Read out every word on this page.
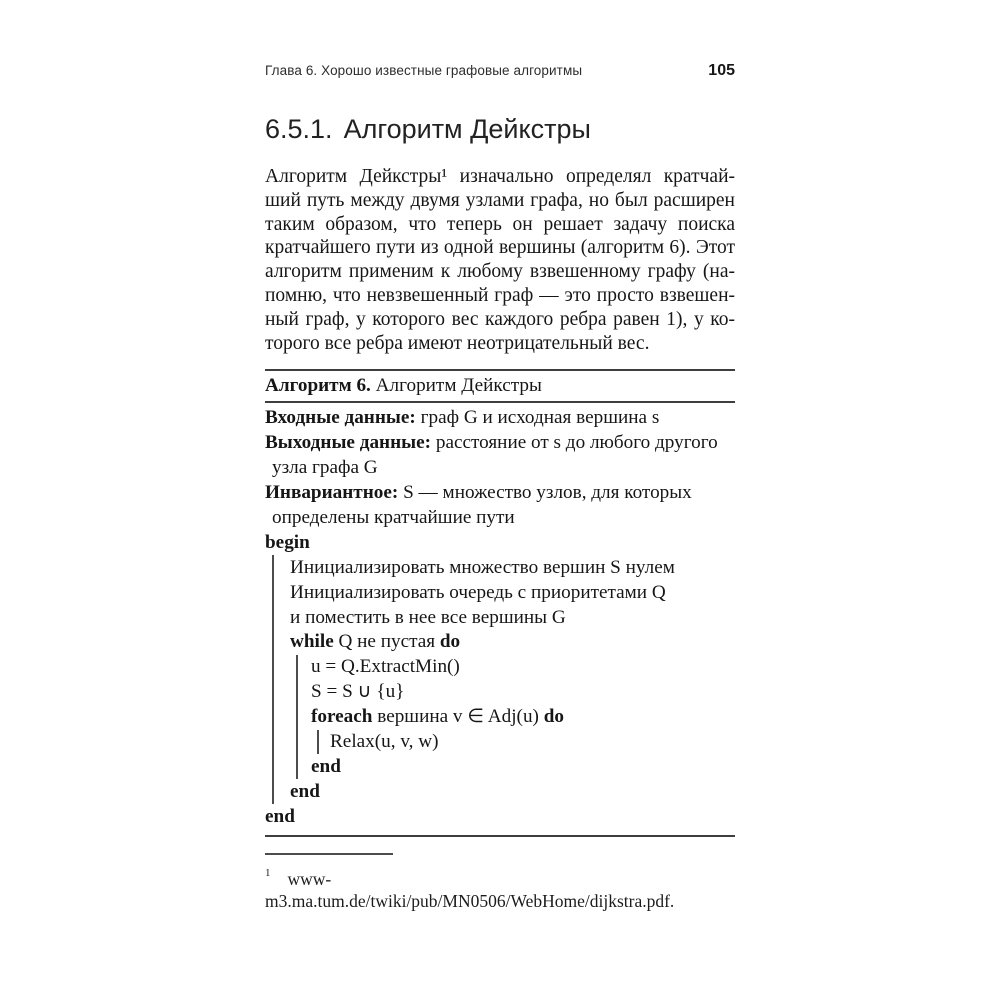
Глава 6. Хорошо известные графовые алгоритмы	105
6.5.1. Алгоритм Дейкстры
Алгоритм Дейкстры¹ изначально определял кратчай-
ший путь между двумя узлами графа, но был расширен
таким образом, что теперь он решает задачу поиска
кратчайшего пути из одной вершины (алгоритм 6). Этот
алгоритм применим к любому взвешенному графу (на-
помню, что невзвешенный граф — это просто взвешен-
ный граф, у которого вес каждого ребра равен 1), у ко-
торого все ребра имеют неотрицательный вес.
Алгоритм 6. Алгоритм Дейкстры
Входные данные: граф G и исходная вершина s
Выходные данные: расстояние от s до любого другого
узла графа G
Инвариантное: S — множество узлов, для которых
определены кратчайшие пути
begin
Инициализировать множество вершин S нулем
Инициализировать очередь с приоритетами Q
и поместить в нее все вершины G
while Q не пустая do
u = Q.ExtractMin()
S = S ∪ {u}
foreach вершина v ∈ Adj(u) do
Relax(u, v, w)
end
end
end
$^1$ www-m3.ma.tum.de/twiki/pub/MN0506/WebHome/dijkstra.pdf.
